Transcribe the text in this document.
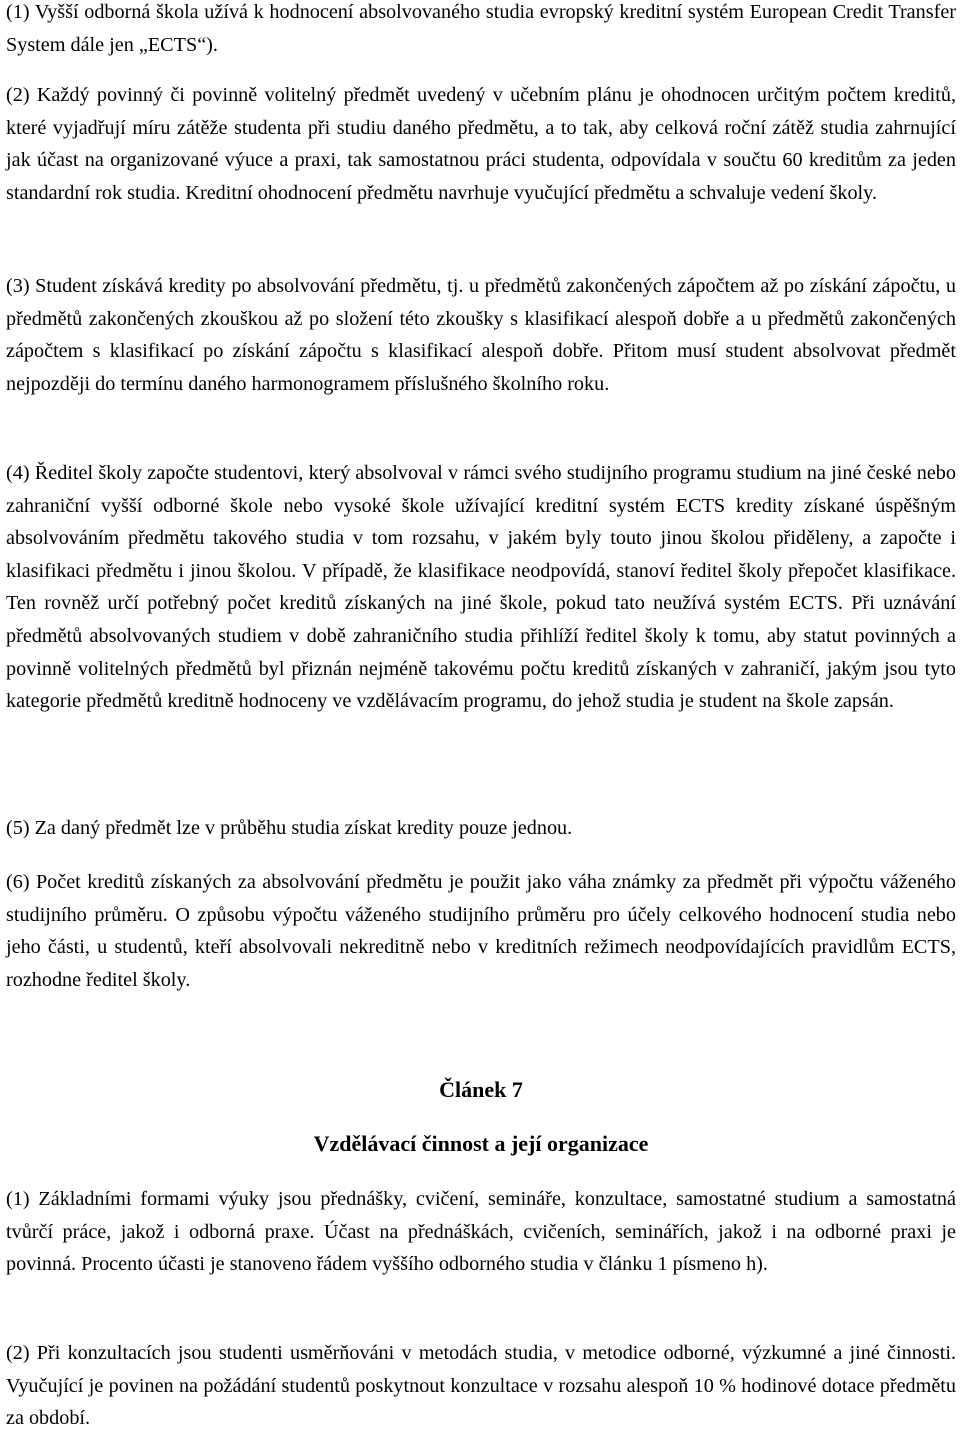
(1) Vyšší odborná škola užívá k hodnocení absolvovaného studia evropský kreditní systém European Credit Transfer System dále jen „ECTS“).

(2) Každý povinný či povinně volitelný předmět uvedený v učebním plánu je ohodnocen určitým počtem kreditů, které vyjadřují míru zátěže studenta při studiu daného předmětu, a to tak, aby celková roční zátěž studia zahrnující jak účast na organizované výuce a praxi, tak samostatnou práci studenta, odpovídala v součtu 60 kreditům za jeden standardní rok studia. Kreditní ohodnocení předmětu navrhuje vyučující předmětu a schvaluje vedení školy.

(3) Student získává kredity po absolvování předmětu, tj. u předmětů zakončených zápočtem až po získání zápočtu, u předmětů zakončených zkouškou až po složení této zkoušky s klasifikací alespoň dobře a u předmětů zakončených zápočtem s klasifikací po získání zápočtu s klasifikací alespoň dobře. Přitom musí student absolvovat předmět nejpozději do termínu daného harmonogramem příslušného školního roku.

(4) Ředitel školy započte studentovi, který absolvoval v rámci svého studijního programu studium na jiné české nebo zahraniční vyšší odborné škole nebo vysoké škole užívající kreditní systém ECTS kredity získané úspěšným absolvováním předmětu takového studia v tom rozsahu, v jakém byly touto jinou školou přiděleny, a započte i klasifikaci předmětu i jinou školou. V případě, že klasifikace neodpovídá, stanoví ředitel školy přepočet klasifikace. Ten rovněž určí potřebný počet kreditů získaných na jiné škole, pokud tato neužívá systém ECTS. Při uznávání předmětů absolvovaných studiem v době zahraničního studia přihlíží ředitel školy k tomu, aby statut povinných a povinně volitelných předmětů byl přiznán nejméně takovému počtu kreditů získaných v zahraničí, jakým jsou tyto kategorie předmětů kreditně hodnoceny ve vzdělávacím programu, do jehož studia je student na škole zapsán.

(5) Za daný předmět lze v průběhu studia získat kredity pouze jednou.

(6) Počet kreditů získaných za absolvování předmětu je použit jako váha známky za předmět při výpočtu váženého studijního průměru. O způsobu výpočtu váženého studijního průměru pro účely celkového hodnocení studia nebo jeho části, u studentů, kteří absolvovali nekreditně nebo v kreditních režimech neodpovídajících pravidlům ECTS, rozhodne ředitel školy.

Článek 7
Vzdělávací činnost a její organizace

(1) Základními formami výuky jsou přednášky, cvičení, semináře, konzultace, samostatné studium a samostatná tvůrčí práce, jakož i odborná praxe. Účast na přednáškách, cvičeních, seminářích, jakož i na odborné praxi je povinná. Procento účasti je stanoveno řádem vyššího odborného studia v článku 1 písmeno h).

(2) Při konzultacích jsou studenti usměrňováni v metodách studia, v metodice odborné, výzkumné a jiné činnosti. Vyučující je povinen na požádání studentů poskytnout konzultace v rozsahu alespoň 10 % hodinové dotace předmětu za období.
